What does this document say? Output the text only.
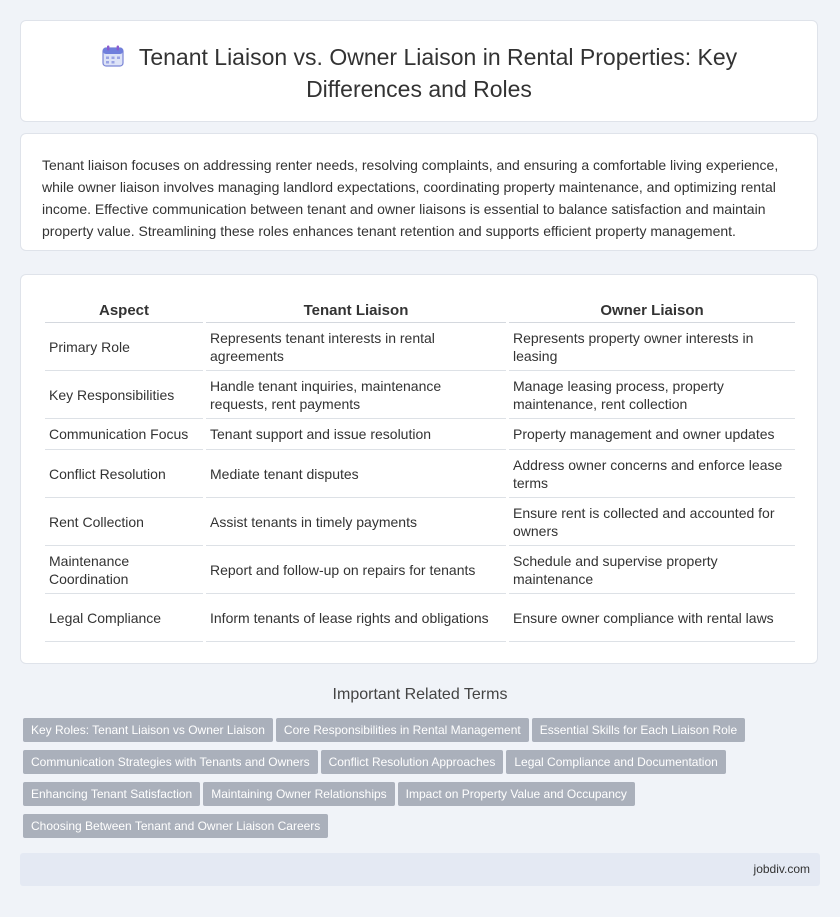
Tenant Liaison vs. Owner Liaison in Rental Properties: Key
Differences and Roles
Tenant liaison focuses on addressing renter needs, resolving complaints, and ensuring a comfortable living experience, while owner liaison involves managing landlord expectations, coordinating property maintenance, and optimizing rental income. Effective communication between tenant and owner liaisons is essential to balance satisfaction and maintain property value. Streamlining these roles enhances tenant retention and supports efficient property management.
Aspect	Tenant Liaison	Owner Liaison
Primary Role	Represents tenant interests in rental agreements	Represents property owner interests in leasing
Key Responsibilities	Handle tenant inquiries, maintenance requests, rent payments	Manage leasing process, property maintenance, rent collection
Communication Focus	Tenant support and issue resolution	Property management and owner updates
Conflict Resolution	Mediate tenant disputes	Address owner concerns and enforce lease terms
Rent Collection	Assist tenants in timely payments	Ensure rent is collected and accounted for owners
Maintenance Coordination	Report and follow-up on repairs for tenants	Schedule and supervise property maintenance
Legal Compliance	Inform tenants of lease rights and obligations	Ensure owner compliance with rental laws
Important Related Terms
Key Roles: Tenant Liaison vs Owner Liaison Core Responsibilities in Rental Management Essential Skills for Each Liaison Role
Communication Strategies with Tenants and Owners Conflict Resolution Approaches Legal Compliance and Documentation
Enhancing Tenant Satisfaction Maintaining Owner Relationships Impact on Property Value and Occupancy
Choosing Between Tenant and Owner Liaison Careers
jobdiv.com
